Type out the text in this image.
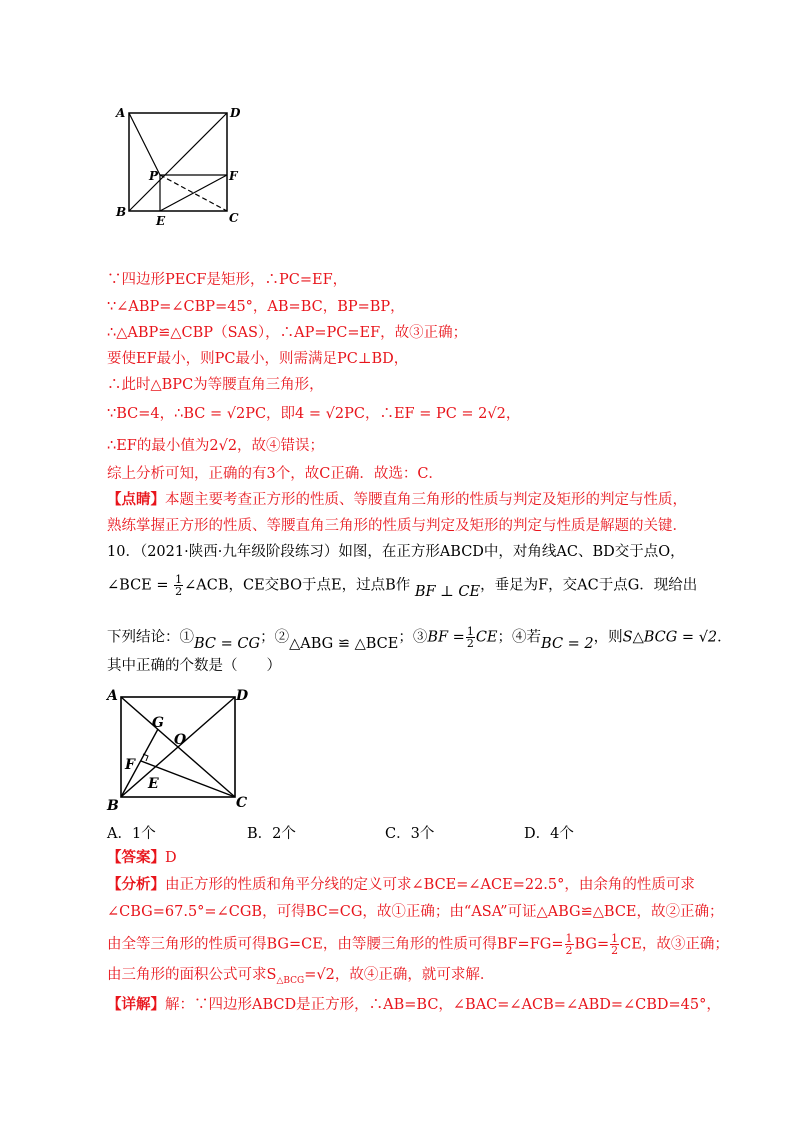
A	D
B	C
P	F
E
∵四边形PECF是矩形，∴PC=EF，
∵∠ABP=∠CBP=45°，AB=BC，BP=BP，
∴△ABP≌△CBP（SAS），∴AP=PC=EF，故③正确；
要使EF最小，则PC最小，则需满足PC⊥BD，
∴此时△BPC为等腰直角三角形，
∵BC=4，∴BC = √2PC，即4 = √2PC，∴EF = PC = 2√2，
∴EF的最小值为2√2，故④错误；
综上分析可知，正确的有3个，故C正确．故选：C．
【点睛】本题主要考查正方形的性质、等腰直角三角形的性质与判定及矩形的判定与性质，
熟练掌握正方形的性质、等腰直角三角形的性质与判定及矩形的判定与性质是解题的关键．
10．（2021·陕西·九年级阶段练习）如图，在正方形ABCD中，对角线AC、BD交于点O，
∠BCE = $\frac{1}{2}$ ∠ACB，CE交BO于点E，过点B作 BF ⊥ CE，垂足为F，交AC于点G．现给出
下列结论：①BC = CG；②△ABG ≌ △BCE；③BF = $\frac{1}{2}$ CE；④若BC = 2，则S△BCG = √2．
其中正确的个数是（　　）
A	D
B	C
G
O
F
E
A．1个	B．2个	C．3个	D．4个
【答案】D
【分析】由正方形的性质和角平分线的定义可求∠BCE=∠ACE=22.5°，由余角的性质可求
∠CBG=67.5°=∠CGB，可得BC=CG，故①正确；由“ASA”可证△ABG≌△BCE，故②正确；
由全等三角形的性质可得BG=CE，由等腰三角形的性质可得$BF=FG= \frac{1}{2} BG= \frac{1}{2}$ CE，故③正确；
由三角形的面积公式可求$S_{\triangle BCG}=√2$，故④正确，就可求解．
【详解】解：∵四边形ABCD是正方形，∴AB=BC，∠BAC=∠ACB=∠ABD=∠CBD=45°，
